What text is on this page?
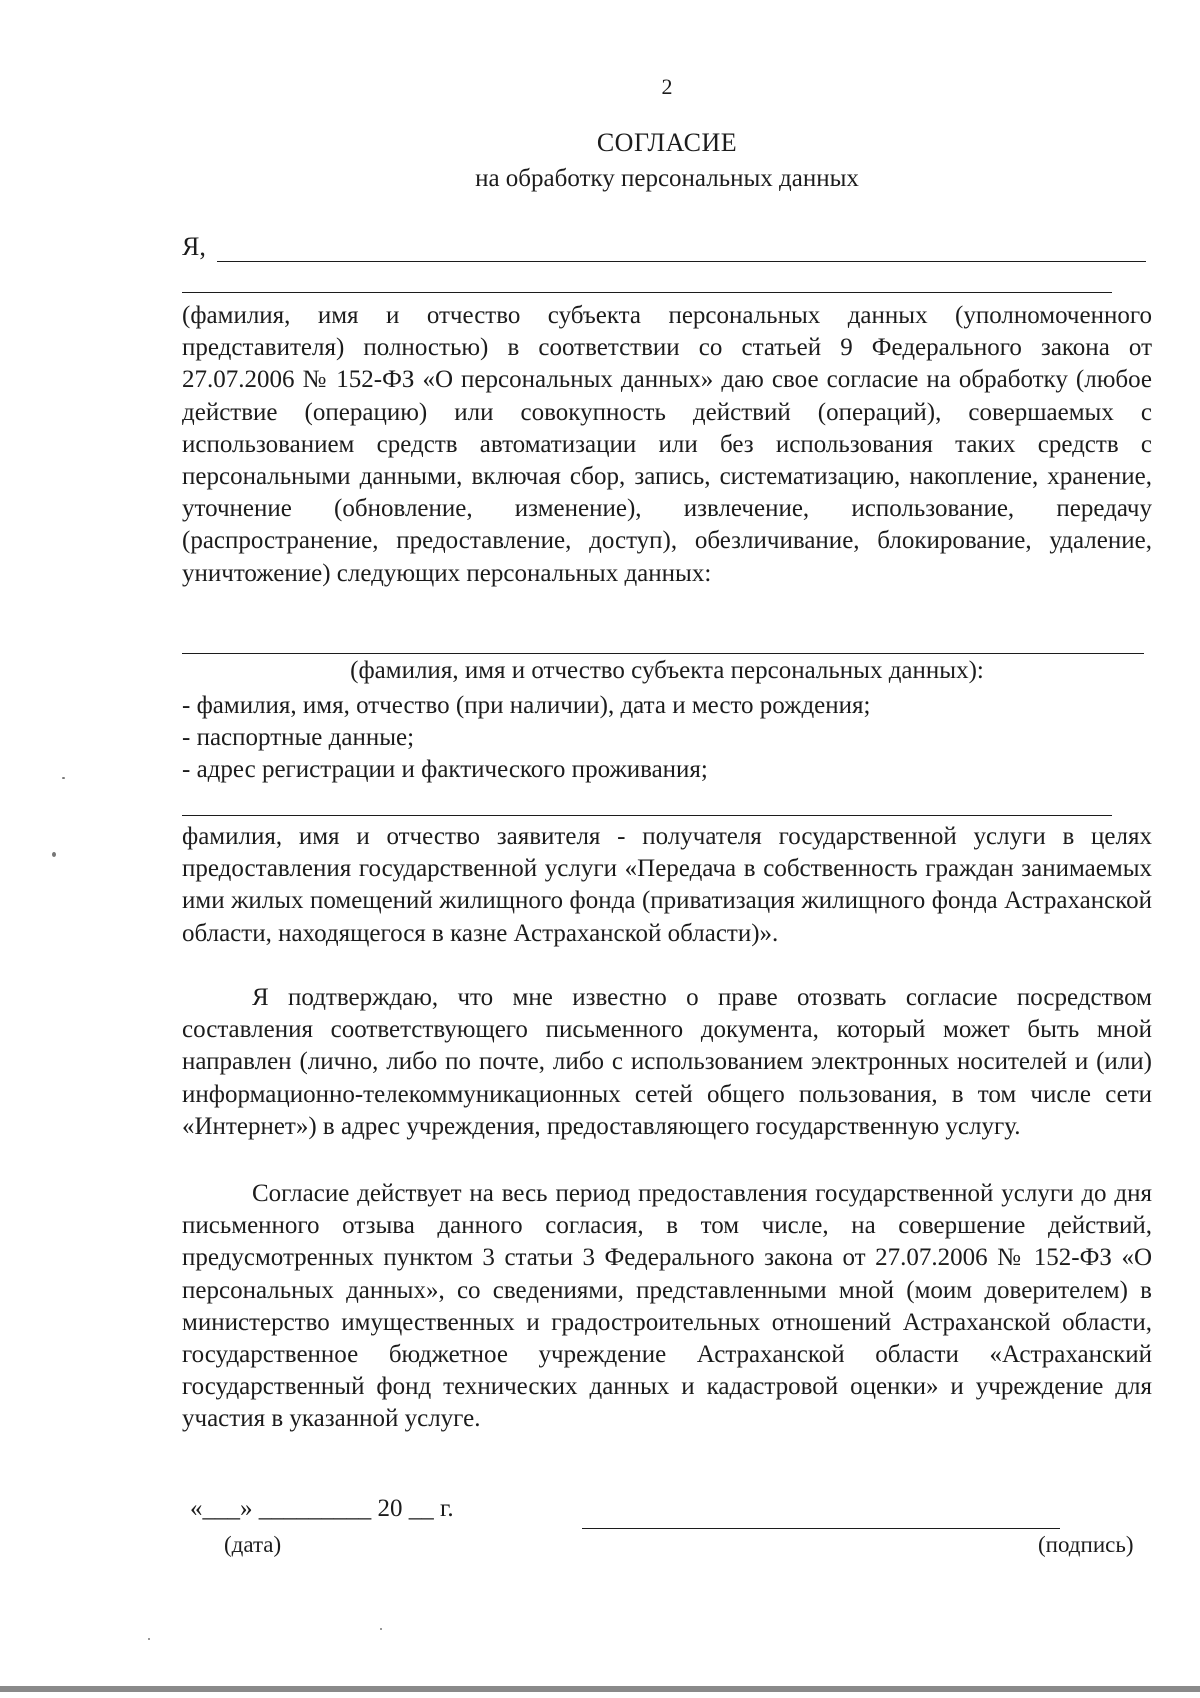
2
СОГЛАСИЕ
на обработку персональных данных
Я,

(фамилия, имя и отчество субъекта персональных данных (уполномоченного представителя) полностью) в соответствии со статьей 9 Федерального закона от 27.07.2006 № 152-ФЗ «О персональных данных» даю свое согласие на обработку (любое действие (операцию) или совокупность действий (операций), совершаемых с использованием средств автоматизации или без использования таких средств с персональными данными, включая сбор, запись, систематизацию, накопление, хранение, уточнение (обновление, изменение), извлечение, использование, передачу (распространение, предоставление, доступ), обезличивание, блокирование, удаление, уничтожение) следующих персональных данных:

(фамилия, имя и отчество субъекта персональных данных):
- фамилия, имя, отчество (при наличии), дата и место рождения;
- паспортные данные;
- адрес регистрации и фактического проживания;

фамилия, имя и отчество заявителя - получателя государственной услуги в целях предоставления государственной услуги «Передача в собственность граждан занимаемых ими жилых помещений жилищного фонда (приватизация жилищного фонда Астраханской области, находящегося в казне Астраханской области)».

Я подтверждаю, что мне известно о праве отозвать согласие посредством составления соответствующего письменного документа, который может быть мной направлен (лично, либо по почте, либо с использованием электронных носителей и (или) информационно-телекоммуникационных сетей общего пользования, в том числе сети «Интернет») в адрес учреждения, предоставляющего государственную услугу.

Согласие действует на весь период предоставления государственной услуги до дня письменного отзыва данного согласия, в том числе, на совершение действий, предусмотренных пунктом 3 статьи 3 Федерального закона от 27.07.2006 № 152-ФЗ «О персональных данных», со сведениями, представленными мной (моим доверителем) в министерство имущественных и градостроительных отношений Астраханской области, государственное бюджетное учреждение Астраханской области «Астраханский государственный фонд технических данных и кадастровой оценки» и учреждение для участия в указанной услуге.

«___» _________ 20 __ г.
(дата)	(подпись)
